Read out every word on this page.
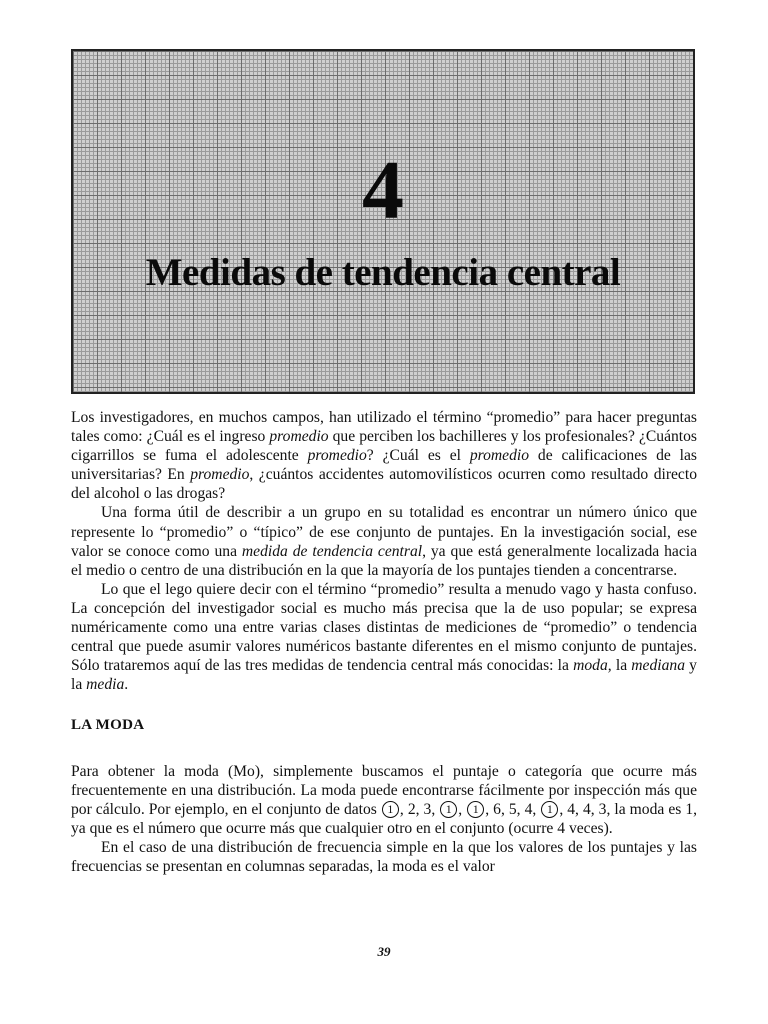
4
Medidas de tendencia central

Los investigadores, en muchos campos, han utilizado el término “promedio” para hacer preguntas tales como: ¿Cuál es el ingreso promedio que perciben los bachilleres y los profesionales? ¿Cuántos cigarrillos se fuma el adolescente promedio? ¿Cuál es el promedio de calificaciones de las universitarias? En promedio, ¿cuántos accidentes automovilísticos ocurren como resultado directo del alcohol o las drogas?

Una forma útil de describir a un grupo en su totalidad es encontrar un número único que represente lo “promedio” o “típico” de ese conjunto de puntajes. En la investigación social, ese valor se conoce como una medida de tendencia central, ya que está generalmente localizada hacia el medio o centro de una distribución en la que la mayoría de los puntajes tienden a concentrarse.

Lo que el lego quiere decir con el término “promedio” resulta a menudo vago y hasta confuso. La concepción del investigador social es mucho más precisa que la de uso popular; se expresa numéricamente como una entre varias clases distintas de mediciones de “promedio” o tendencia central que puede asumir valores numéricos bastante diferentes en el mismo conjunto de puntajes. Sólo trataremos aquí de las tres medidas de tendencia central más conocidas: la moda, la mediana y la media.

LA MODA

Para obtener la moda (Mo), simplemente buscamos el puntaje o categoría que ocurre más frecuentemente en una distribución. La moda puede encontrarse fácilmente por inspección más que por cálculo. Por ejemplo, en el conjunto de datos 1 , 2, 3, 1 , 1 , 6, 5, 4, 1 , 4, 4, 3, la moda es 1, ya que es el número que ocurre más que cualquier otro en el conjunto (ocurre 4 veces).

En el caso de una distribución de frecuencia simple en la que los valores de los puntajes y las frecuencias se presentan en columnas separadas, la moda es el valor

39
